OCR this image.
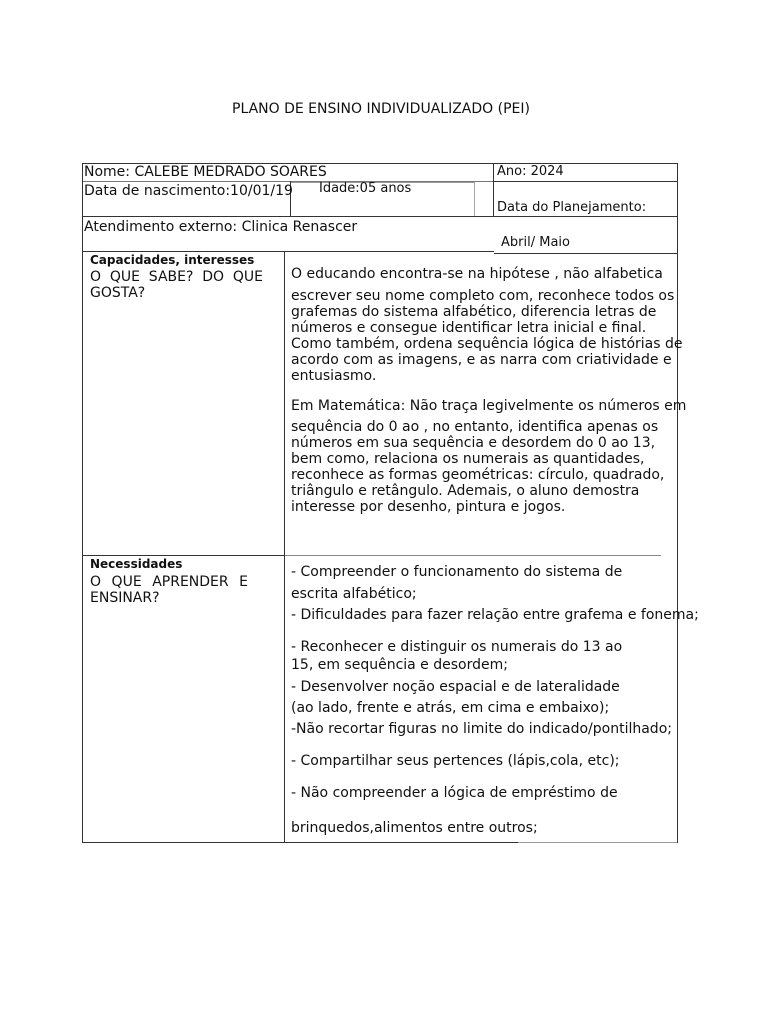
PLANO DE ENSINO INDIVIDUALIZADO (PEI)
Nome: CALEBE MEDRADO SOARES	Ano: 2024
Data de nascimento:10/01/19 Idade:05 anos
Data do Planejamento:
Atendimento externo: Clinica Renascer
Abril/ Maio
Capacidades, interesses

O QUE SABE? DO QUE

GOSTA?

O educando encontra-se na hipótese , não alfabetica
escrever seu nome completo com, reconhece todos os
grafemas do sistema alfabético, diferencia letras de
números e consegue identificar letra inicial e final.
Como também, ordena sequência lógica de histórias de
acordo com as imagens, e as narra com criatividade e
entusiasmo.
Em Matemática: Não traça legivelmente os números em
sequência do 0 ao , no entanto, identifica apenas os
números em sua sequência e desordem do 0 ao 13,
bem como, relaciona os numerais as quantidades,
reconhece as formas geométricas: círculo, quadrado,
triângulo e retângulo. Ademais, o aluno demostra
interesse por desenho, pintura e jogos.
Necessidades

O QUE APRENDER E

ENSINAR?

- Compreender o funcionamento do sistema de
escrita alfabético;
- Dificuldades para fazer relação entre grafema e fonema;
- Reconhecer e distinguir os numerais do 13 ao
15, em sequência e desordem;
- Desenvolver noção espacial e de lateralidade
(ao lado, frente e atrás, em cima e embaixo);
-Não recortar figuras no limite do indicado/pontilhado;
- Compartilhar seus pertences (lápis,cola, etc);
- Não compreender a lógica de empréstimo de
brinquedos,alimentos entre outros;
